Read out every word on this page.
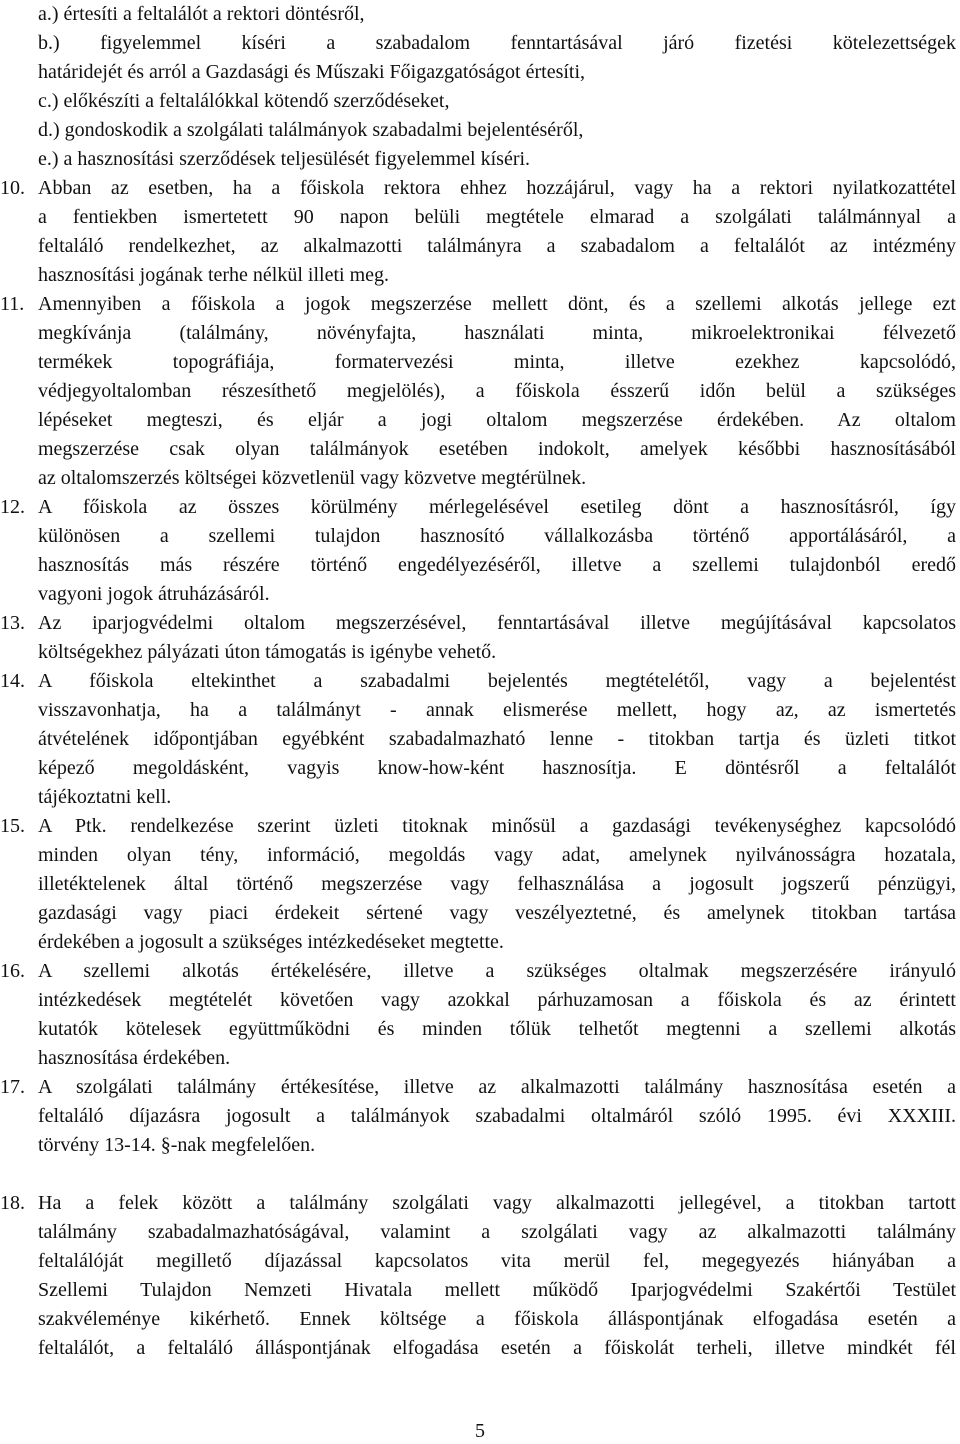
a.) értesíti a feltalálót a rektori döntésről,
b.) figyelemmel kíséri a szabadalom fenntartásával járó fizetési kötelezettségek
határidejét és arról a Gazdasági és Műszaki Főigazgatóságot értesíti,
c.) előkészíti a feltalálókkal kötendő szerződéseket,
d.) gondoskodik a szolgálati találmányok szabadalmi bejelentéséről,
e.) a hasznosítási szerződések teljesülését figyelemmel kíséri.
10. Abban az esetben, ha a főiskola rektora ehhez hozzájárul, vagy ha a rektori nyilatkozattétel
a fentiekben ismertetett 90 napon belüli megtétele elmarad a szolgálati találmánnyal a
feltaláló rendelkezhet, az alkalmazotti találmányra a szabadalom a feltalálót az intézmény
hasznosítási jogának terhe nélkül illeti meg.
11. Amennyiben a főiskola a jogok megszerzése mellett dönt, és a szellemi alkotás jellege ezt
megkívánja (találmány, növényfajta, használati minta, mikroelektronikai félvezető
termékek topográfiája, formatervezési minta, illetve ezekhez kapcsolódó,
védjegyoltalomban részesíthető megjelölés), a főiskola ésszerű időn belül a szükséges
lépéseket megteszi, és eljár a jogi oltalom megszerzése érdekében. Az oltalom
megszerzése csak olyan találmányok esetében indokolt, amelyek későbbi hasznosításából
az oltalomszerzés költségei közvetlenül vagy közvetve megtérülnek.
12. A főiskola az összes körülmény mérlegelésével esetileg dönt a hasznosításról, így
különösen a szellemi tulajdon hasznosító vállalkozásba történő apportálásáról, a
hasznosítás más részére történő engedélyezéséről, illetve a szellemi tulajdonból eredő
vagyoni jogok átruházásáról.
13. Az iparjogvédelmi oltalom megszerzésével, fenntartásával illetve megújításával kapcsolatos
költségekhez pályázati úton támogatás is igénybe vehető.
14. A főiskola eltekinthet a szabadalmi bejelentés megtételétől, vagy a bejelentést
visszavonhatja, ha a találmányt - annak elismerése mellett, hogy az, az ismertetés
átvételének időpontjában egyébként szabadalmazható lenne - titokban tartja és üzleti titkot
képező megoldásként, vagyis know-how-ként hasznosítja. E döntésről a feltalálót
tájékoztatni kell.
15. A Ptk. rendelkezése szerint üzleti titoknak minősül a gazdasági tevékenységhez kapcsolódó
minden olyan tény, információ, megoldás vagy adat, amelynek nyilvánosságra hozatala,
illetéktelenek által történő megszerzése vagy felhasználása a jogosult jogszerű pénzügyi,
gazdasági vagy piaci érdekeit sértené vagy veszélyeztetné, és amelynek titokban tartása
érdekében a jogosult a szükséges intézkedéseket megtette.
16. A szellemi alkotás értékelésére, illetve a szükséges oltalmak megszerzésére irányuló
intézkedések megtételét követően vagy azokkal párhuzamosan a főiskola és az érintett
kutatók kötelesek együttműködni és minden tőlük telhetőt megtenni a szellemi alkotás
hasznosítása érdekében.
17. A szolgálati találmány értékesítése, illetve az alkalmazotti találmány hasznosítása esetén a
feltaláló díjazásra jogosult a találmányok szabadalmi oltalmáról szóló 1995. évi XXXIII.
törvény 13-14. §-nak megfelelően.
18. Ha a felek között a találmány szolgálati vagy alkalmazotti jellegével, a titokban tartott
találmány szabadalmazhatóságával, valamint a szolgálati vagy az alkalmazotti találmány
feltalálóját megillető díjazással kapcsolatos vita merül fel, megegyezés hiányában a
Szellemi Tulajdon Nemzeti Hivatala mellett működő Iparjogvédelmi Szakértői Testület
szakvéleménye kikérhető. Ennek költsége a főiskola álláspontjának elfogadása esetén a
feltalálót, a feltaláló álláspontjának elfogadása esetén a főiskolát terheli, illetve mindkét fél
5
